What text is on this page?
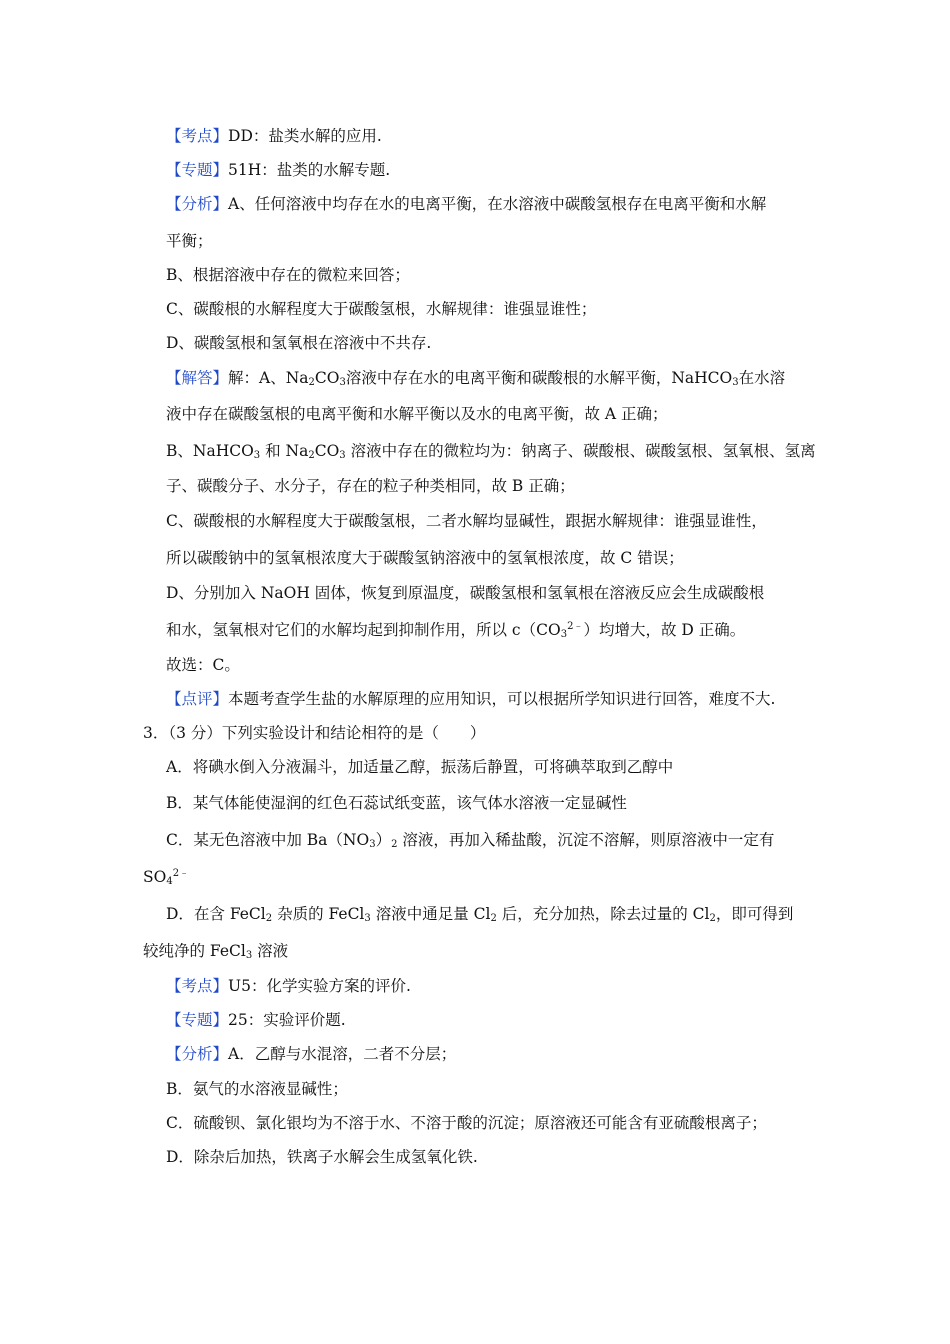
【考点】DD：盐类水解的应用.
【专题】51H：盐类的水解专题.
【分析】A、任何溶液中均存在水的电离平衡，在水溶液中碳酸氢根存在电离平衡和水解
平衡；
B、根据溶液中存在的微粒来回答；
C、碳酸根的水解程度大于碳酸氢根，水解规律：谁强显谁性；
D、碳酸氢根和氢氧根在溶液中不共存.
【解答】解：A、$Na_2CO_3$溶液中存在水的电离平衡和碳酸根的水解平衡，NaHCO$_3$在水溶
液中存在碳酸氢根的电离平衡和水解平衡以及水的电离平衡，故 A 正确；
B、NaHCO$_3$ 和 $Na_2CO_3$ 溶液中存在的微粒均为：钠离子、碳酸根、碳酸氢根、氢氧根、氢离
子、碳酸分子、水分子，存在的粒子种类相同，故 B 正确；
C、碳酸根的水解程度大于碳酸氢根，二者水解均显碱性，跟据水解规律：谁强显谁性，
所以碳酸钠中的氢氧根浓度大于碳酸氢钠溶液中的氢氧根浓度，故 C 错误；
D、分别加入 NaOH 固体，恢复到原温度，碳酸氢根和氢氧根在溶液反应会生成碳酸根
和水，氢氧根对它们的水解均起到抑制作用，所以 $c(CO_3^{2﹣})$均增大，故 D 正确。
故选：C。
【点评】本题考查学生盐的水解原理的应用知识，可以根据所学知识进行回答，难度不大.
3．（3 分）下列实验设计和结论相符的是（　　）
A．将碘水倒入分液漏斗，加适量乙醇，振荡后静置，可将碘萃取到乙醇中
B．某气体能使湿润的红色石蕊试纸变蓝，该气体水溶液一定显碱性
C．某无色溶液中加 $Ba(NO_3)_2$ 溶液，再加入稀盐酸，沉淀不溶解，则原溶液中一定有
$SO_4^{2﹣}$
D．在含 FeCl$_2$ 杂质的 FeCl$_3$ 溶液中通足量 $Cl_2$ 后，充分加热，除去过量的 $Cl_2$，即可得到
较纯净的 FeCl$_3$ 溶液
【考点】U5：化学实验方案的评价.
【专题】25：实验评价题.
【分析】A．乙醇与水混溶，二者不分层；
B．氨气的水溶液显碱性；
C．硫酸钡、氯化银均为不溶于水、不溶于酸的沉淀；原溶液还可能含有亚硫酸根离子；
D．除杂后加热，铁离子水解会生成氢氧化铁.
